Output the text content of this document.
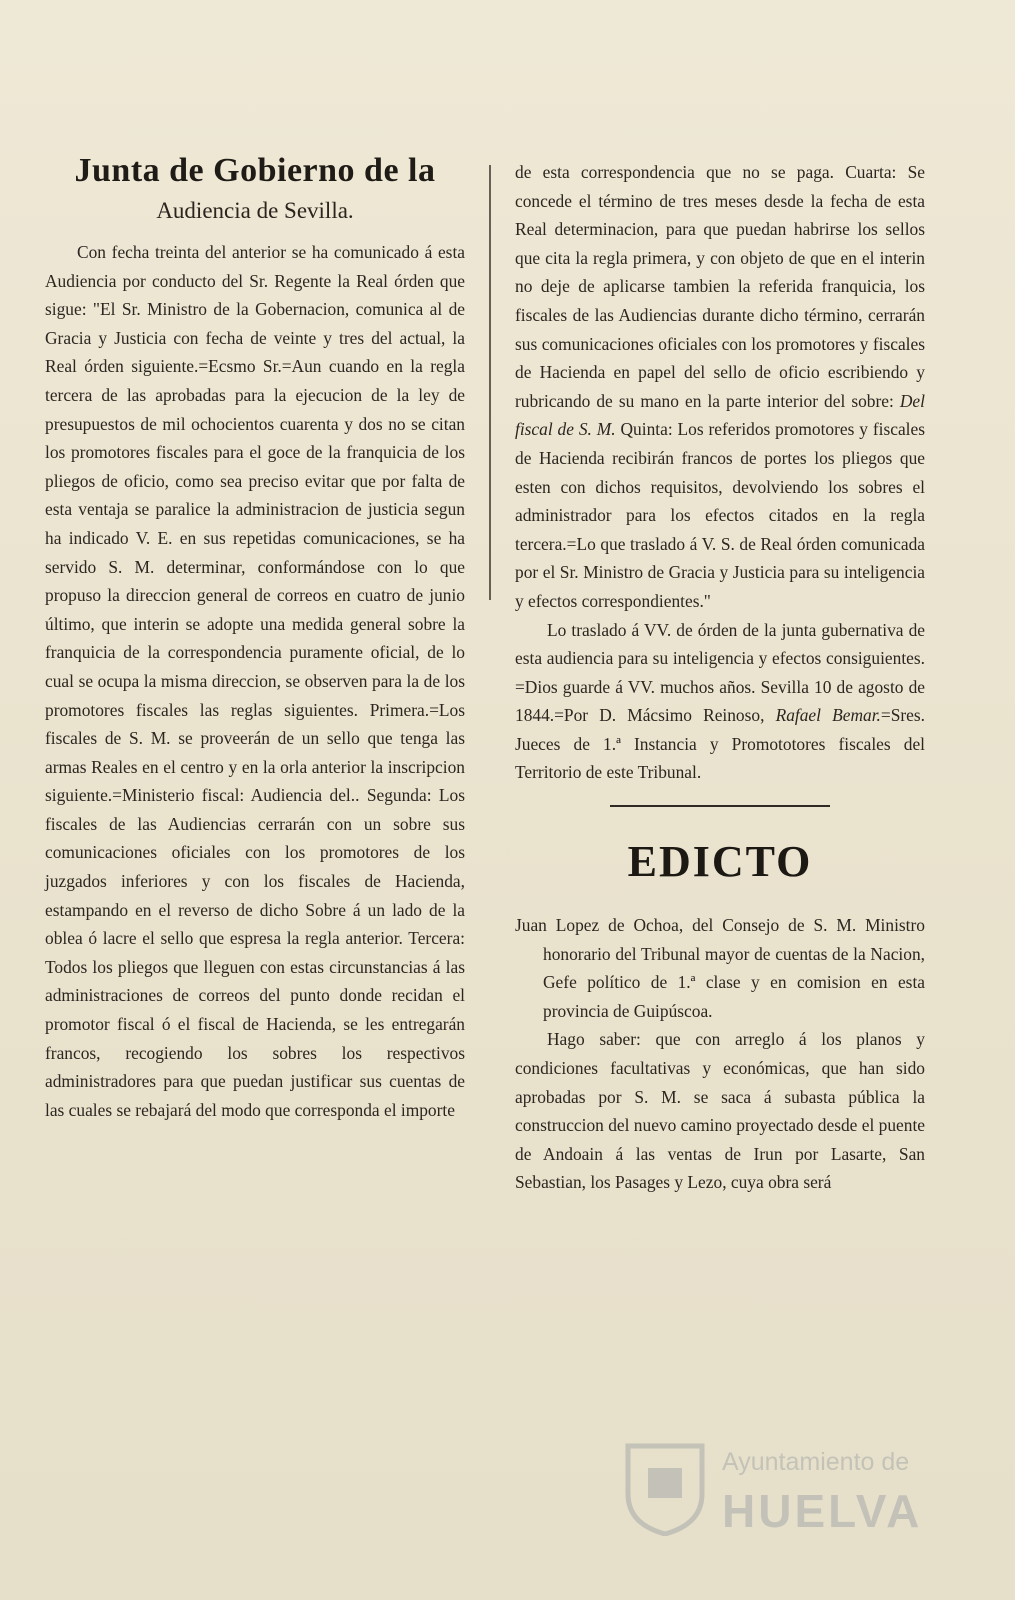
Junta de Gobierno de la
Audiencia de Sevilla.

Con fecha treinta del anterior se ha comunicado á esta Audiencia por conducto del Sr. Regente la Real órden que sigue: "El Sr. Ministro de la Gobernacion, comunica al de Gracia y Justicia con fecha de veinte y tres del actual, la Real órden siguiente.=Ecsmo Sr.=Aun cuando en la regla tercera de las aprobadas para la ejecucion de la ley de presupuestos de mil ochocientos cuarenta y dos no se citan los promotores fiscales para el goce de la franquicia de los pliegos de oficio, como sea preciso evitar que por falta de esta ventaja se paralice la administracion de justicia segun ha indicado V. E. en sus repetidas comunicaciones, se ha servido S. M. determinar, conformándose con lo que propuso la direccion general de correos en cuatro de junio último, que interin se adopte una medida general sobre la franquicia de la correspondencia puramente oficial, de lo cual se ocupa la misma direccion, se observen para la de los promotores fiscales las reglas siguientes. Primera.=Los fiscales de S. M. se proveerán de un sello que tenga las armas Reales en el centro y en la orla anterior la inscripcion siguiente.=Ministerio fiscal: Audiencia del.. Segunda: Los fiscales de las Audiencias cerrarán con un sobre sus comunicaciones oficiales con los promotores de los juzgados inferiores y con los fiscales de Hacienda, estampando en el reverso de dicho Sobre á un lado de la oblea ó lacre el sello que espresa la regla anterior. Tercera: Todos los pliegos que lleguen con estas circunstancias á las administraciones de correos del punto donde recidan el promotor fiscal ó el fiscal de Hacienda, se les entregarán francos, recogiendo los sobres los respectivos administradores para que puedan justificar sus cuentas de las cuales se rebajará del modo que corresponda el importe

de esta correspondencia que no se paga. Cuarta: Se concede el término de tres meses desde la fecha de esta Real determinacion, para que puedan habrirse los sellos que cita la regla primera, y con objeto de que en el interin no deje de aplicarse tambien la referida franquicia, los fiscales de las Audiencias durante dicho término, cerrarán sus comunicaciones oficiales con los promotores y fiscales de Hacienda en papel del sello de oficio escribiendo y rubricando de su mano en la parte interior del sobre: Del fiscal de S. M. Quinta: Los referidos promotores y fiscales de Hacienda recibirán francos de portes los pliegos que esten con dichos requisitos, devolviendo los sobres el administrador para los efectos citados en la regla tercera.=Lo que traslado á V. S. de Real órden comunicada por el Sr. Ministro de Gracia y Justicia para su inteligencia y efectos correspondientes."

Lo traslado á VV. de órden de la junta gubernativa de esta audiencia para su inteligencia y efectos consiguientes. =Dios guarde á VV. muchos años. Sevilla 10 de agosto de 1844.=Por D. Mácsimo Reinoso, Rafael Bemar.=Sres. Jueces de 1.ª Instancia y Promototores fiscales del Territorio de este Tribunal.

EDICTO

Juan Lopez de Ochoa, del Consejo de S. M. Ministro honorario del Tribunal mayor de cuentas de la Nacion, Gefe político de 1.ª clase y en comision en esta provincia de Guipúscoa.

Hago saber: que con arreglo á los planos y condiciones facultativas y económicas, que han sido aprobadas por S. M. se saca á subasta pública la construccion del nuevo camino proyectado desde el puente de Andoain á las ventas de Irun por Lasarte, San Sebastian, los Pasages y Lezo, cuya obra será

Ayuntamiento de
HUELVA
